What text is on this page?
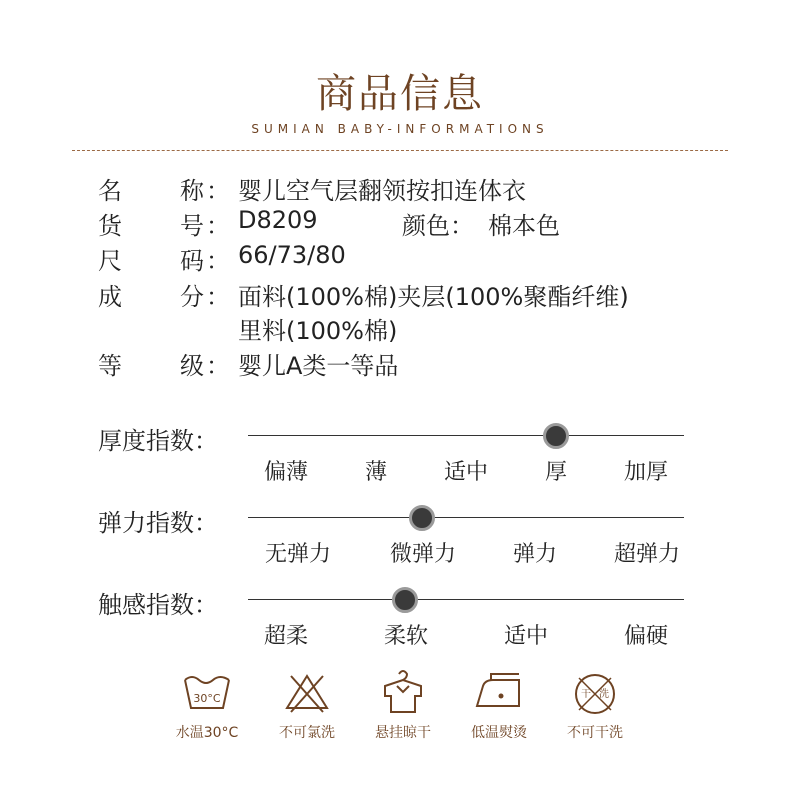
商品信息
SUMIAN BABY-INFORMATIONS
名 称 ： 婴儿空气层翻领按扣连体衣
货 号 ： D8209	颜色： 棉本色
尺 码 ： 66/73/80
成 分 ： 面料(100%棉)夹层(100%聚酯纤维)
里料(100%棉)
等 级 ： 婴儿A类一等品
厚度指数：
偏薄	薄	适中	厚	加厚
弹力指数：
无弹力	微弹力	弹力	超弹力
触感指数：
超柔	柔软	适中	偏硬
30°C
水温30°C	不可氯洗	悬挂晾干	低温熨烫
干 洗
不可干洗
